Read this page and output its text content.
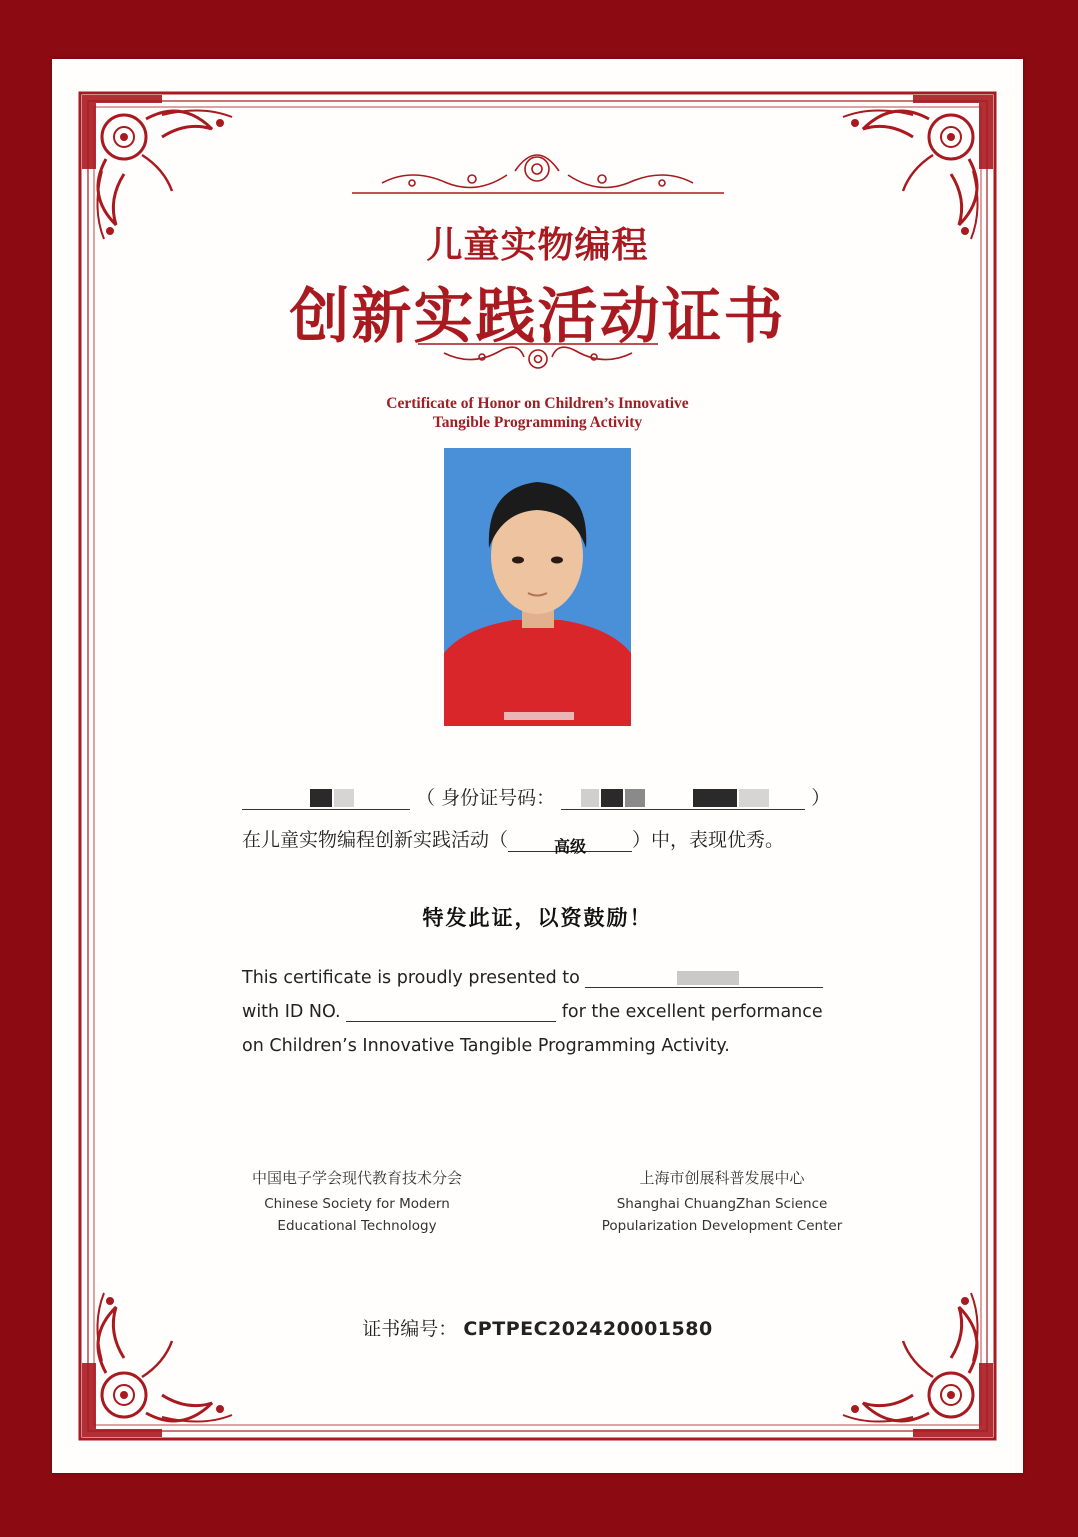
儿童实物编程
创新实践活动证书
Certificate of Honor on Children’s Innovative
Tangible Programming Activity
（ 身份证号码：	）
在儿童实物编程创新实践活动（	高级	）中，表现优秀。
特发此证，以资鼓励！
This certificate is proudly presented to
with ID NO.	for the excellent performance
on Children’s Innovative Tangible Programming Activity.
中国电子学会现代教育技术分会
Chinese Society for Modern
Educational Technology
上海市创展科普发展中心
Shanghai ChuangZhan Science
Popularization Development Center
证书编号： CPTPEC202420001580
